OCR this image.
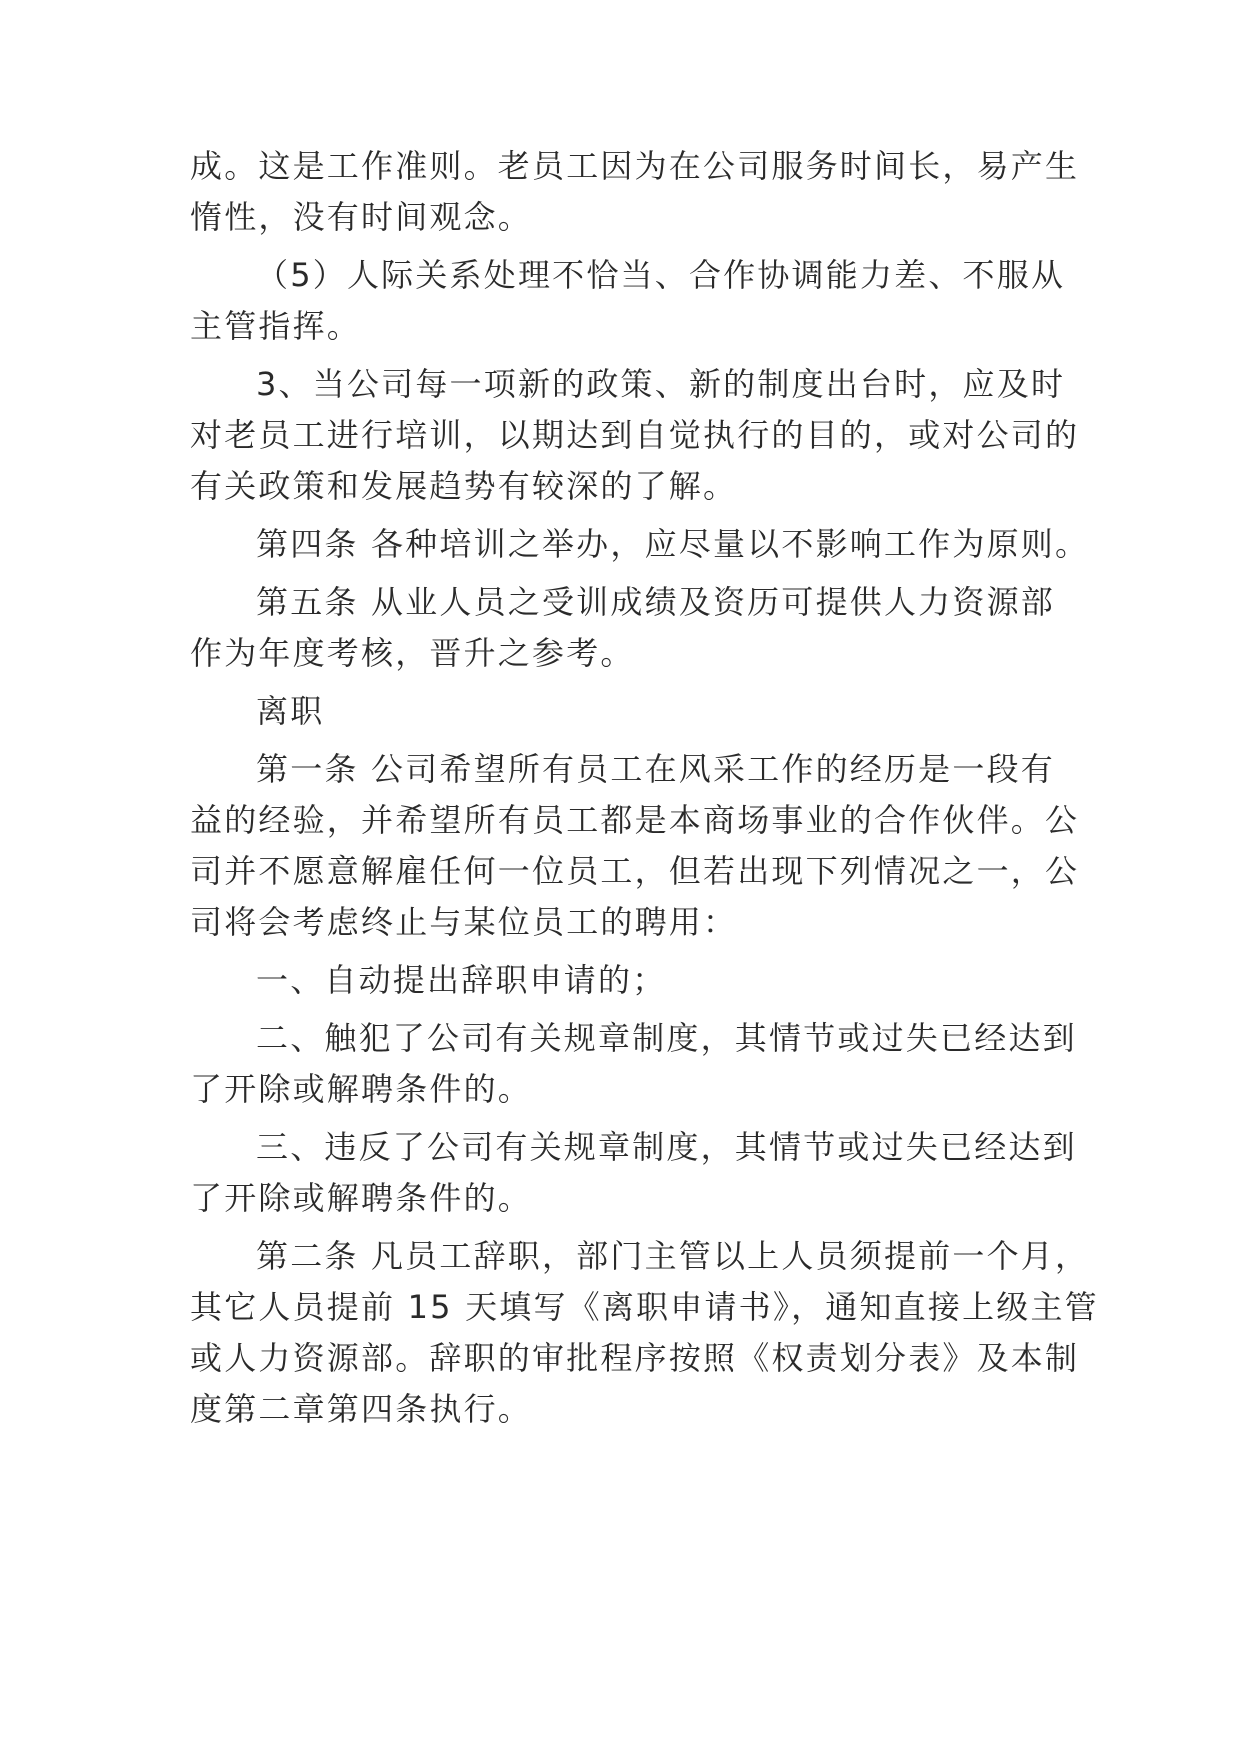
成。这是工作准则。老员工因为在公司服务时间长，易产生
惰性，没有时间观念。
（5）人际关系处理不恰当、合作协调能力差、不服从
主管指挥。
3、当公司每一项新的政策、新的制度出台时，应及时
对老员工进行培训，以期达到自觉执行的目的，或对公司的
有关政策和发展趋势有较深的了解。
第四条 各种培训之举办，应尽量以不影响工作为原则。
第五条 从业人员之受训成绩及资历可提供人力资源部
作为年度考核，晋升之参考。
离职
第一条 公司希望所有员工在风采工作的经历是一段有
益的经验，并希望所有员工都是本商场事业的合作伙伴。公
司并不愿意解雇任何一位员工，但若出现下列情况之一，公
司将会考虑终止与某位员工的聘用：
一、自动提出辞职申请的；
二、触犯了公司有关规章制度，其情节或过失已经达到
了开除或解聘条件的。
三、违反了公司有关规章制度，其情节或过失已经达到
了开除或解聘条件的。
第二条 凡员工辞职，部门主管以上人员须提前一个月，
其它人员提前 15 天填写《离职申请书》，通知直接上级主管
或人力资源部。辞职的审批程序按照《权责划分表》及本制
度第二章第四条执行。
